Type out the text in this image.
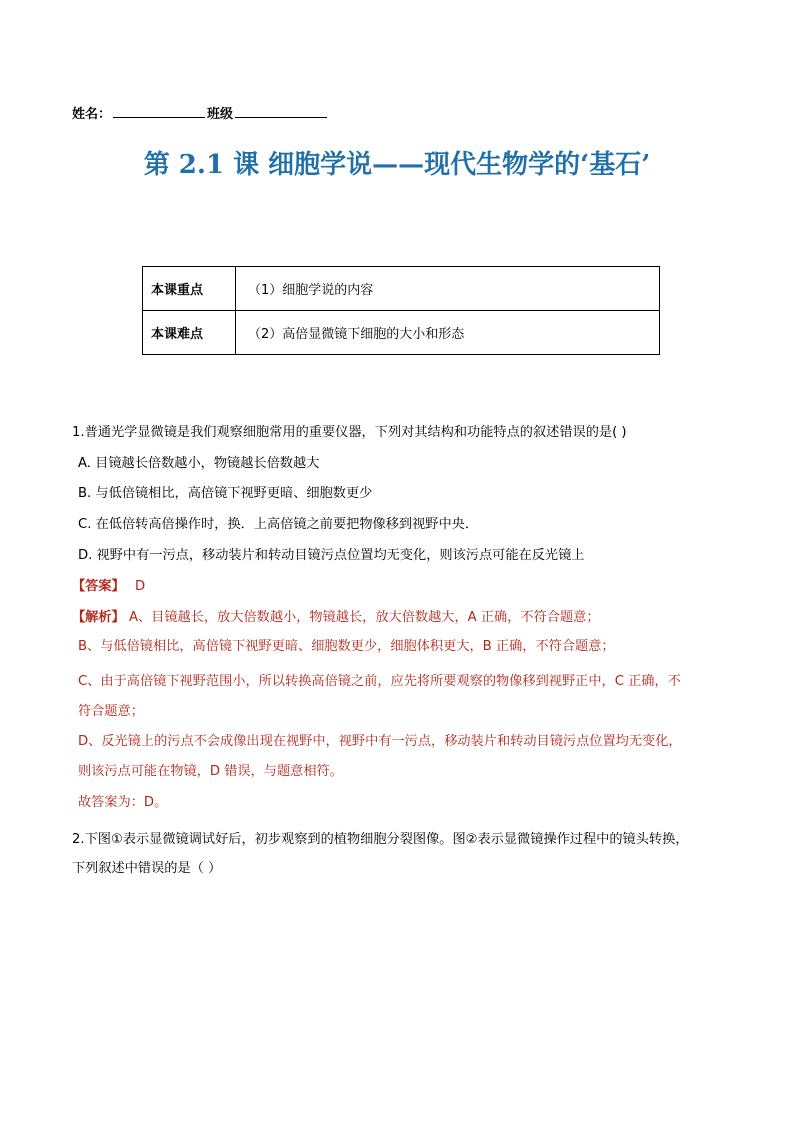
姓名：	班级
第 2.1 课 细胞学说——现代生物学的‘基石’
本课重点	（1）细胞学说的内容
本课难点	（2）高倍显微镜下细胞的大小和形态
1.普通光学显微镜是我们观察细胞常用的重要仪器，下列对其结构和功能特点的叙述错误的是( )
A. 目镜越长倍数越小，物镜越长倍数越大
B. 与低倍镜相比，高倍镜下视野更暗、细胞数更少
C. 在低倍转高倍操作时，换．上高倍镜之前要把物像移到视野中央．
D. 视野中有一污点，移动装片和转动目镜污点位置均无变化，则该污点可能在反光镜上
【答案】 D
【解析】 A、目镜越长，放大倍数越小，物镜越长，放大倍数越大，A 正确，不符合题意；
B、与低倍镜相比，高倍镜下视野更暗、细胞数更少，细胞体积更大，B 正确，不符合题意；
C、由于高倍镜下视野范围小，所以转换高倍镜之前，应先将所要观察的物像移到视野正中，C 正确，不
符合题意；
D、反光镜上的污点不会成像出现在视野中，视野中有一污点，移动装片和转动目镜污点位置均无变化，
则该污点可能在物镜，D 错误，与题意相符。
故答案为：D。
2.下图①表示显微镜调试好后，初步观察到的植物细胞分裂图像。图②表示显微镜操作过程中的镜头转换，
下列叙述中错误的是（ ）
